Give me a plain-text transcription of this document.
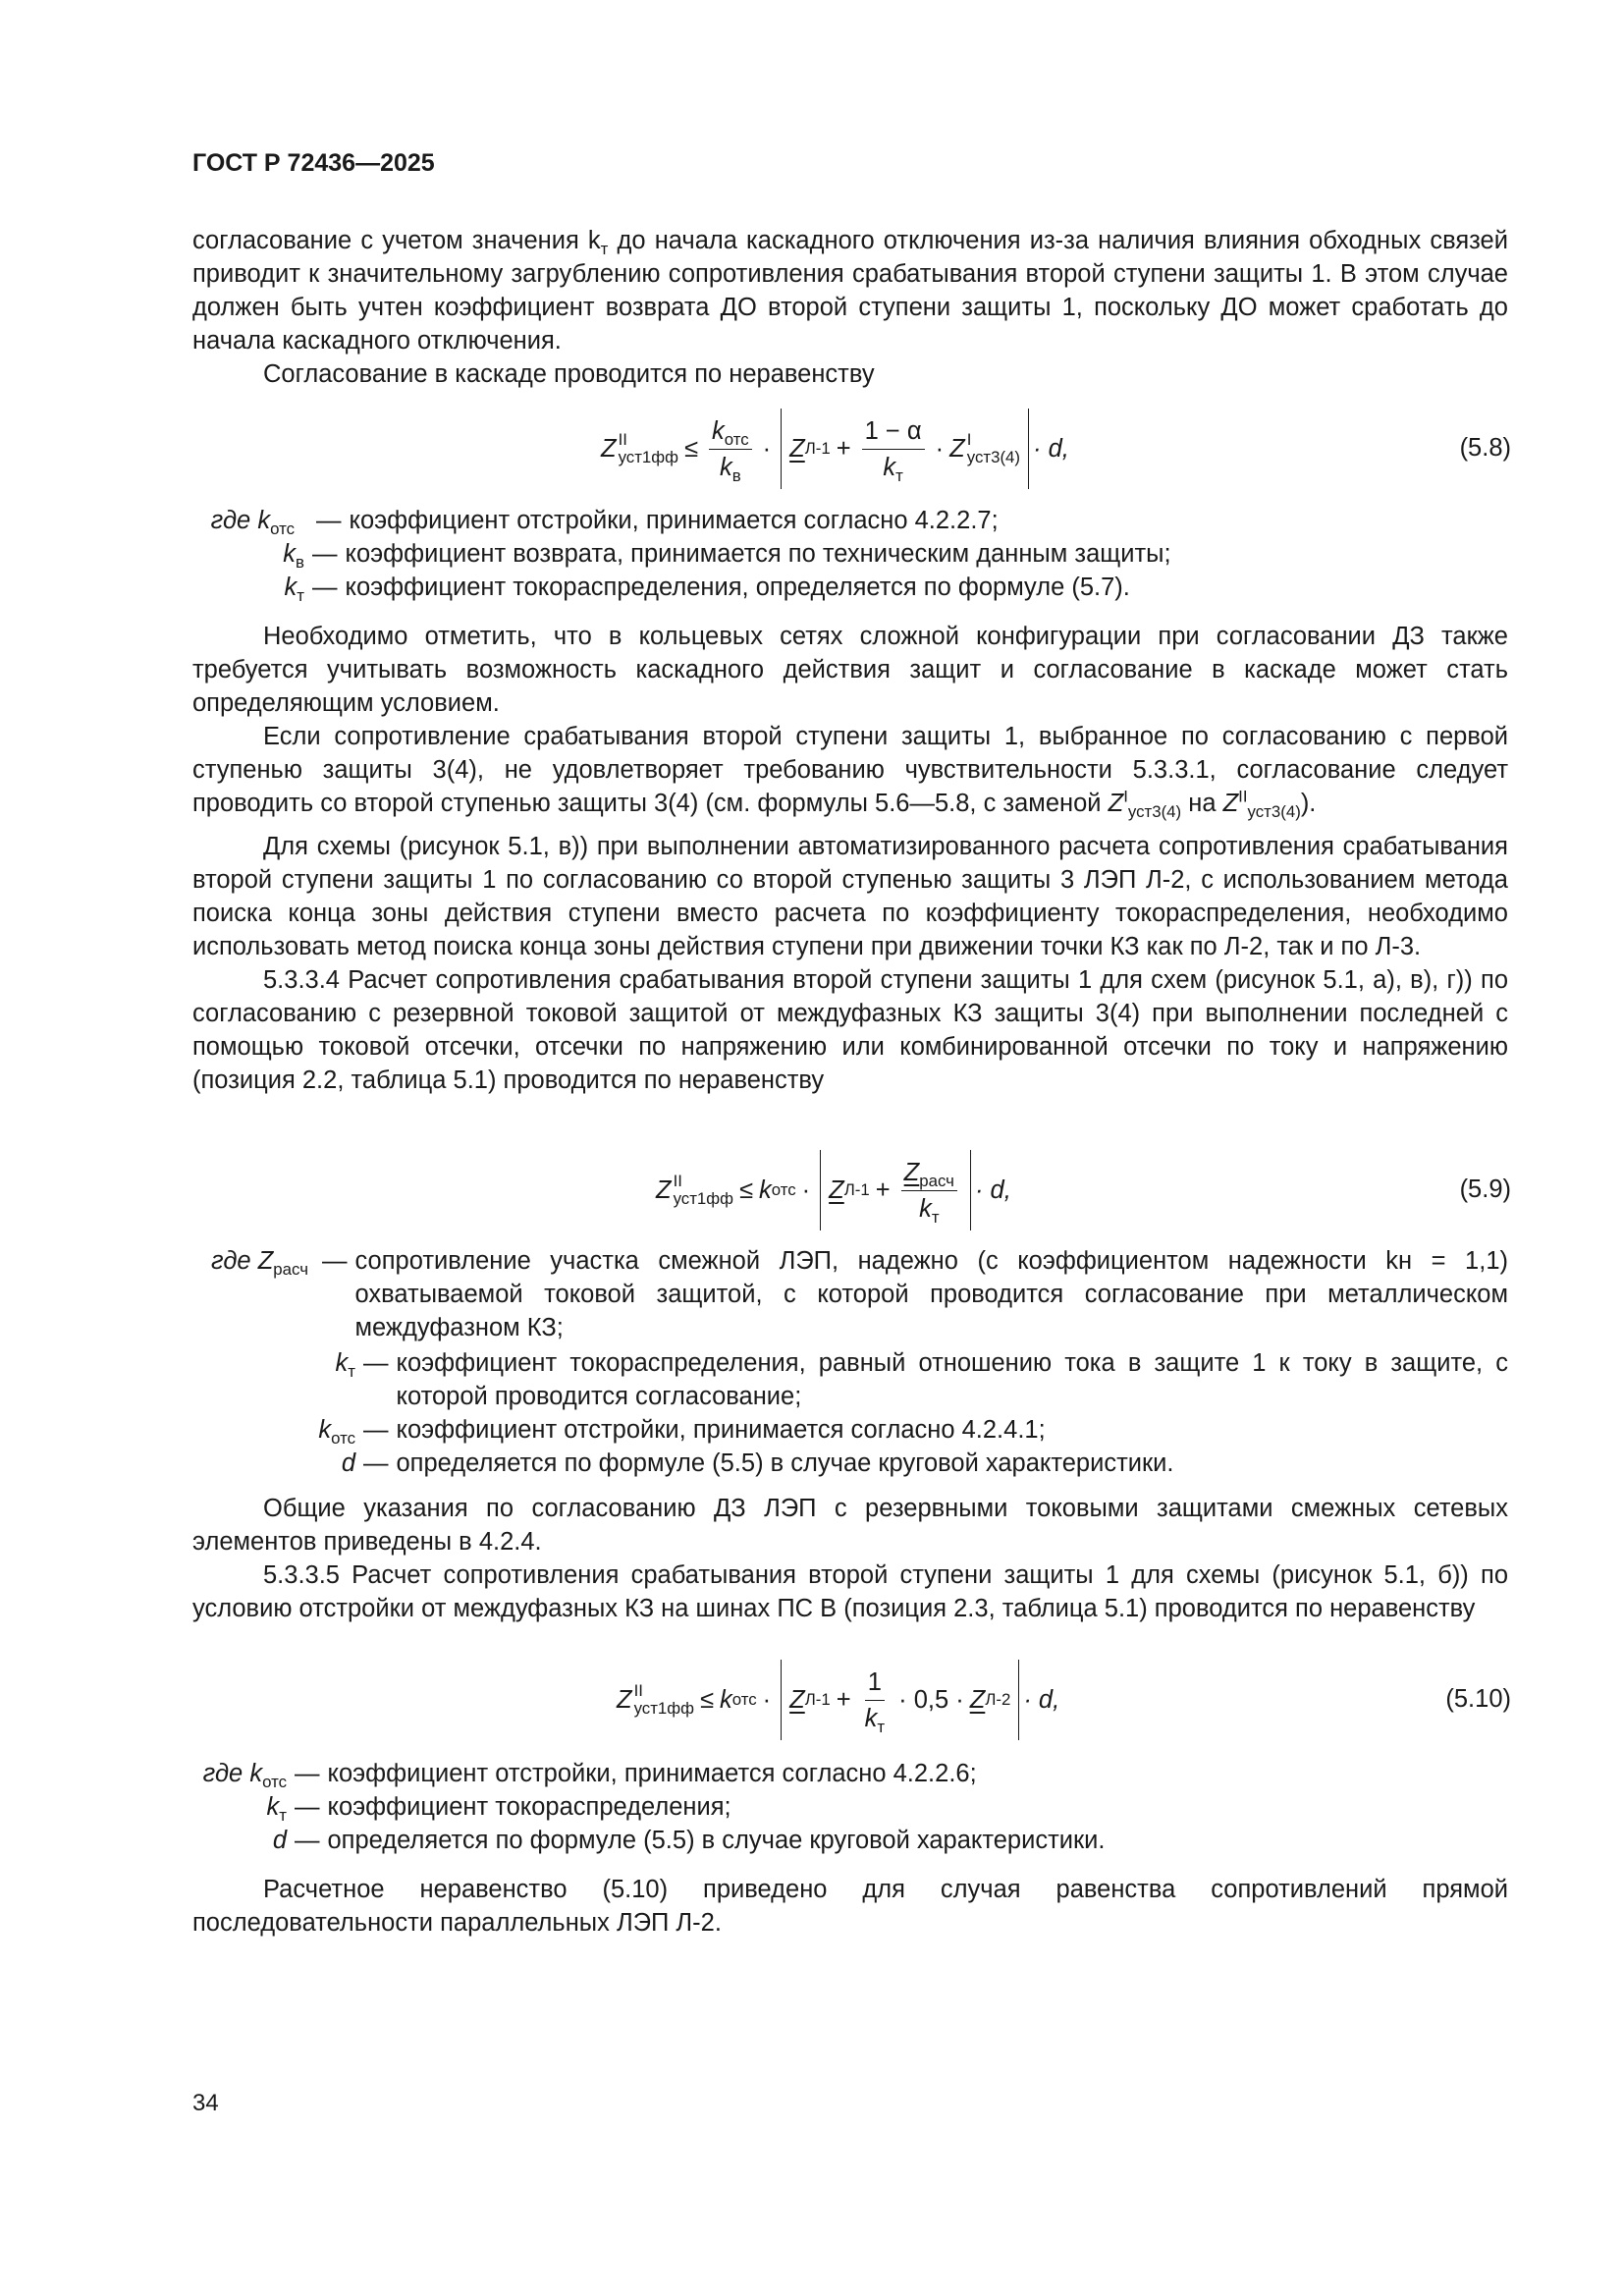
ГОСТ Р 72436—2025

согласование с учетом значения $k_т$ до начала каскадного отключения из-за наличия влияния обходных связей приводит к значительному загрублению сопротивления срабатывания второй ступени защиты 1. В этом случае должен быть учтен коэффициент возврата ДО второй ступени защиты 1, поскольку ДО может сработать до начала каскадного отключения.

Согласование в каскаде проводится по неравенству

Z II
$уст1фф \le \frac{k_{отс}}{k_в} \cdot Z$ $Л-1 + \frac{1 - \alpha}{k_т} \cdot Z$ I
уст3(4) · d,	(5.8)
где $k_{отс}$ — коэффициент отстройки, принимается согласно 4.2.2.7;
$k_в$ — коэффициент возврата, принимается по техническим данным защиты;
$k_т$ — коэффициент токораспределения, определяется по формуле (5.7).

Необходимо отметить, что в кольцевых сетях сложной конфигурации при согласовании ДЗ также требуется учитывать возможность каскадного действия защит и согласование в каскаде может стать определяющим условием.

Если сопротивление срабатывания второй ступени защиты 1, выбранное по согласованию с первой ступенью защиты 3(4), не удовлетворяет требованию чувствительности 5.3.3.1, согласование следует проводить со второй ступенью защиты 3(4) (см. формулы 5.6—5.8, с заменой $Z^I_{уст3(4)}$ на $Z^{II}_{уст3(4)}$).

Для схемы (рисунок 5.1, в)) при выполнении автоматизированного расчета сопротивления срабатывания второй ступени защиты 1 по согласованию со второй ступенью защиты 3 ЛЭП Л-2, с использованием метода поиска конца зоны действия ступени вместо расчета по коэффициенту токораспределения, необходимо использовать метод поиска конца зоны действия ступени при движении точки КЗ как по Л-2, так и по Л-3.

5.3.3.4 Расчет сопротивления срабатывания второй ступени защиты 1 для схем (рисунок 5.1, а), в), г)) по согласованию с резервной токовой защитой от междуфазных КЗ защиты 3(4) при выполнении последней с помощью токовой отсечки, отсечки по напряжению или комбинированной отсечки по току и напряжению (позиция 2.2, таблица 5.1) проводится по неравенству

Z II
уст1фф ≤ k отс · Z $Л-1 + \frac{Z_{расч}}{k_т} \cdot d$,	(5.9)
где $Z_{расч}$ — сопротивление участка смежной ЛЭП, надежно (с коэффициентом надежности kн = 1,1) охватываемой токовой защитой, с которой проводится согласование при металлическом междуфазном КЗ;
$k_т$ — коэффициент токораспределения, равный отношению тока в защите 1 к току в защите, с которой проводится согласование;
$k_{отс}$ — коэффициент отстройки, принимается согласно 4.2.4.1;
d — определяется по формуле (5.5) в случае круговой характеристики.

Общие указания по согласованию ДЗ ЛЭП с резервными токовыми защитами смежных сетевых элементов приведены в 4.2.4.

5.3.3.5 Расчет сопротивления срабатывания второй ступени защиты 1 для схемы (рисунок 5.1, б)) по условию отстройки от междуфазных КЗ на шинах ПС В (позиция 2.3, таблица 5.1) проводится по неравенству

Z II
уст1фф ≤ k отс · Z $Л-1 + \frac{1}{k_т} \cdot 0,5 \cdot Z$ Л-2 · d,	(5.10)
где $k_{отс}$ — коэффициент отстройки, принимается согласно 4.2.2.6;
$k_т$ — коэффициент токораспределения;
d — определяется по формуле (5.5) в случае круговой характеристики.

Расчетное неравенство (5.10) приведено для случая равенства сопротивлений прямой последовательности параллельных ЛЭП Л-2.

34
